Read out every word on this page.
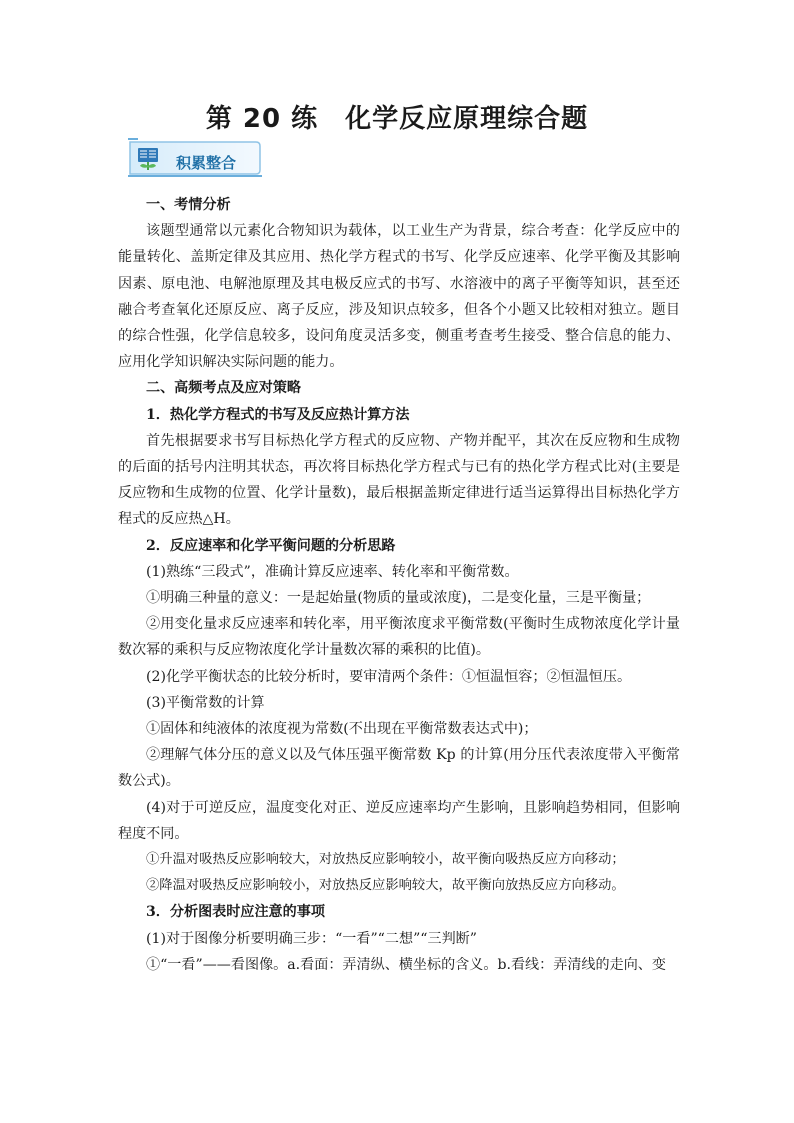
第 20 练　化学反应原理综合题
积累整合

一、考情分析

该题型通常以元素化合物知识为载体，以工业生产为背景，综合考查：化学反应中的能量转化、盖斯定律及其应用、热化学方程式的书写、化学反应速率、化学平衡及其影响因素、原电池、电解池原理及其电极反应式的书写、水溶液中的离子平衡等知识，甚至还融合考查氧化还原反应、离子反应，涉及知识点较多，但各个小题又比较相对独立。题目的综合性强，化学信息较多，设问角度灵活多变，侧重考查考生接受、整合信息的能力、应用化学知识解决实际问题的能力。

二、高频考点及应对策略

1．热化学方程式的书写及反应热计算方法

首先根据要求书写目标热化学方程式的反应物、产物并配平，其次在反应物和生成物的后面的括号内注明其状态，再次将目标热化学方程式与已有的热化学方程式比对(主要是反应物和生成物的位置、化学计量数)，最后根据盖斯定律进行适当运算得出目标热化学方程式的反应热△H。

2．反应速率和化学平衡问题的分析思路

(1)熟练“三段式”，准确计算反应速率、转化率和平衡常数。

①明确三种量的意义：一是起始量(物质的量或浓度)，二是变化量，三是平衡量；

②用变化量求反应速率和转化率，用平衡浓度求平衡常数(平衡时生成物浓度化学计量数次幂的乘积与反应物浓度化学计量数次幂的乘积的比值)。

(2)化学平衡状态的比较分析时，要审清两个条件：①恒温恒容；②恒温恒压。

(3)平衡常数的计算

①固体和纯液体的浓度视为常数(不出现在平衡常数表达式中)；

②理解气体分压的意义以及气体压强平衡常数 Kp 的计算(用分压代表浓度带入平衡常数公式)。

(4)对于可逆反应，温度变化对正、逆反应速率均产生影响，且影响趋势相同，但影响程度不同。

①升温对吸热反应影响较大，对放热反应影响较小，故平衡向吸热反应方向移动；

②降温对吸热反应影响较小，对放热反应影响较大，故平衡向放热反应方向移动。

3．分析图表时应注意的事项

(1)对于图像分析要明确三步：“一看”“二想”“三判断”

①“一看”——看图像。a.看面：弄清纵、横坐标的含义。b.看线：弄清线的走向、变
